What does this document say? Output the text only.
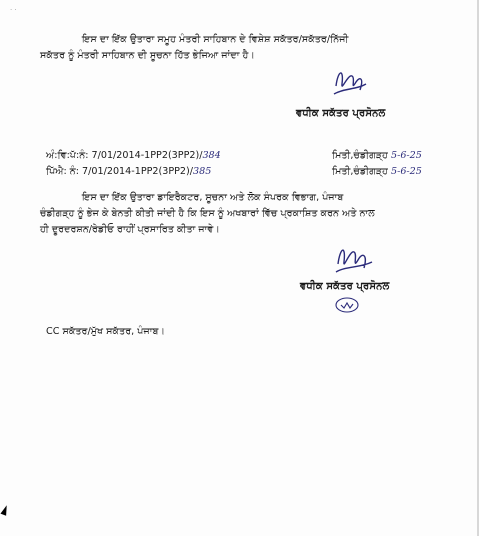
· ·
ਇਸ ਦਾ ਇੱਕ ਉਤਾਰਾ ਸਮੂਹ ਮੰਤਰੀ ਸਾਹਿਬਾਨ ਦੇ ਵਿਸ਼ੇਸ਼ ਸਕੱਤਰ/ਸਕੱਤਰ/ਨਿੱਜੀ
ਸਕੱਤਰ ਨੂੰ ਮੰਤਰੀ ਸਾਹਿਬਾਨ ਦੀ ਸੂਚਨਾ ਹਿੱਤ ਭੇਜਿਆ ਜਾਂਦਾ ਹੈ।
ਵਧੀਕ ਸਕੱਤਰ ਪ੍ਰਸੋਨਲ
ਅੰ:ਵਿ:ਪੱ:ਨੰ: 7/01/2014-1PP2(3PP2)/384	ਮਿਤੀ,ਚੰਡੀਗੜ੍ਹ 5-6-25
ਪਿੱਐ: ਨੰ: 7/01/2014-1PP2(3PP2)/385	ਮਿਤੀ,ਚੰਡੀਗੜ੍ਹ 5-6-25
ਇਸ ਦਾ ਇੱਕ ਉਤਾਰਾ ਡਾਇਰੈਕਟਰ, ਸੂਚਨਾ ਅਤੇ ਲੋਕ ਸੰਪਰਕ ਵਿਭਾਗ, ਪੰਜਾਬ
ਚੰਡੀਗੜ੍ਹ ਨੂੰ ਭੇਜ ਕੇ ਬੇਨਤੀ ਕੀਤੀ ਜਾਂਦੀ ਹੈ ਕਿ ਇਸ ਨੂੰ ਅਖਬਾਰਾਂ ਵਿੱਚ ਪ੍ਰਕਾਸ਼ਿਤ ਕਰਨ ਅਤੇ ਨਾਲ
ਹੀ ਦੂਰਦਰਸ਼ਨ/ਰੇਡੀਓ ਰਾਹੀਂ ਪ੍ਰਸਾਰਿਤ ਕੀਤਾ ਜਾਵੇ।
ਵਧੀਕ ਸਕੱਤਰ ਪ੍ਰਸੋਨਲ
CC ਸਕੱਤਰ/ਮੁੱਖ ਸਕੱਤਰ, ਪੰਜਾਬ।
